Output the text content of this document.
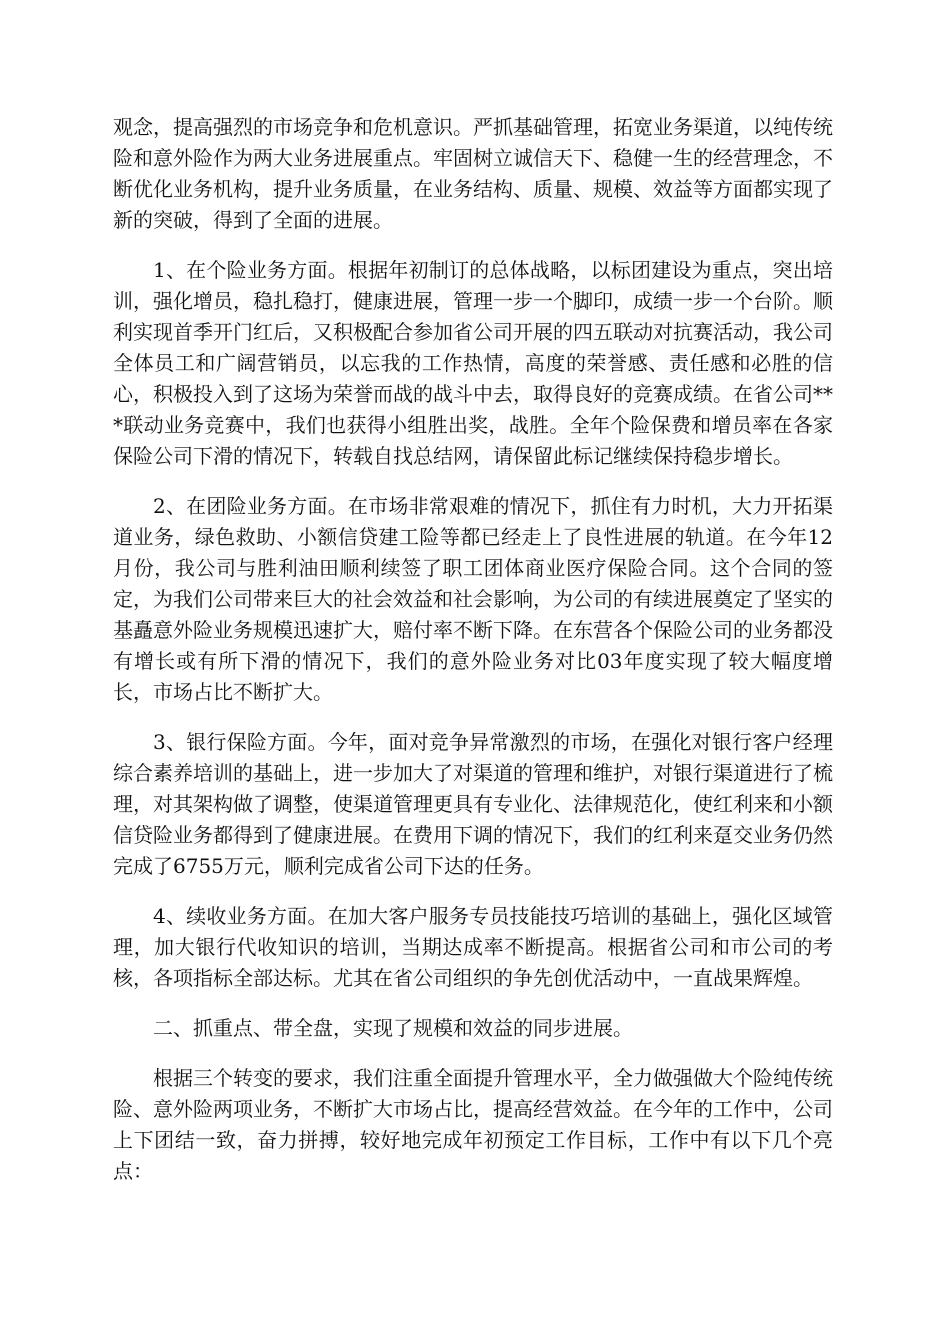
观念，提高强烈的市场竞争和危机意识。严抓基础管理，拓宽业务渠道，以纯传统险和意外险作为两大业务进展重点。牢固树立诚信天下、稳健一生的经营理念，不断优化业务机构，提升业务质量，在业务结构、质量、规模、效益等方面都实现了新的突破，得到了全面的进展。

1、在个险业务方面。根据年初制订的总体战略，以标团建设为重点，突出培训，强化增员，稳扎稳打，健康进展，管理一步一个脚印，成绩一步一个台阶。顺利实现首季开门红后，又积极配合参加省公司开展的四五联动对抗赛活动，我公司全体员工和广阔营销员，以忘我的工作热情，高度的荣誉感、责任感和必胜的信心，积极投入到了这场为荣誉而战的战斗中去，取得良好的竞赛成绩。在省公司***联动业务竞赛中，我们也获得小组胜出奖，战胜。全年个险保费和增员率在各家保险公司下滑的情况下，转载自找总结网，请保留此标记继续保持稳步增长。

2、在团险业务方面。在市场非常艰难的情况下，抓住有力时机，大力开拓渠道业务，绿色救助、小额信贷建工险等都已经走上了良性进展的轨道。在今年12月份，我公司与胜利油田顺利续签了职工团体商业医疗保险合同。这个合同的签定，为我们公司带来巨大的社会效益和社会影响，为公司的有续进展奠定了坚实的基矗意外险业务规模迅速扩大，赔付率不断下降。在东营各个保险公司的业务都没有增长或有所下滑的情况下，我们的意外险业务对比03年度实现了较大幅度增长，市场占比不断扩大。

3、银行保险方面。今年，面对竞争异常激烈的市场，在强化对银行客户经理综合素养培训的基础上，进一步加大了对渠道的管理和维护，对银行渠道进行了梳理，对其架构做了调整，使渠道管理更具有专业化、法律规范化，使红利来和小额信贷险业务都得到了健康进展。在费用下调的情况下，我们的红利来趸交业务仍然完成了6755万元，顺利完成省公司下达的任务。

4、续收业务方面。在加大客户服务专员技能技巧培训的基础上，强化区域管理，加大银行代收知识的培训，当期达成率不断提高。根据省公司和市公司的考核，各项指标全部达标。尤其在省公司组织的争先创优活动中，一直战果辉煌。

二、抓重点、带全盘，实现了规模和效益的同步进展。

根据三个转变的要求，我们注重全面提升管理水平，全力做强做大个险纯传统险、意外险两项业务，不断扩大市场占比，提高经营效益。在今年的工作中，公司上下团结一致，奋力拼搏，较好地完成年初预定工作目标，工作中有以下几个亮点：
